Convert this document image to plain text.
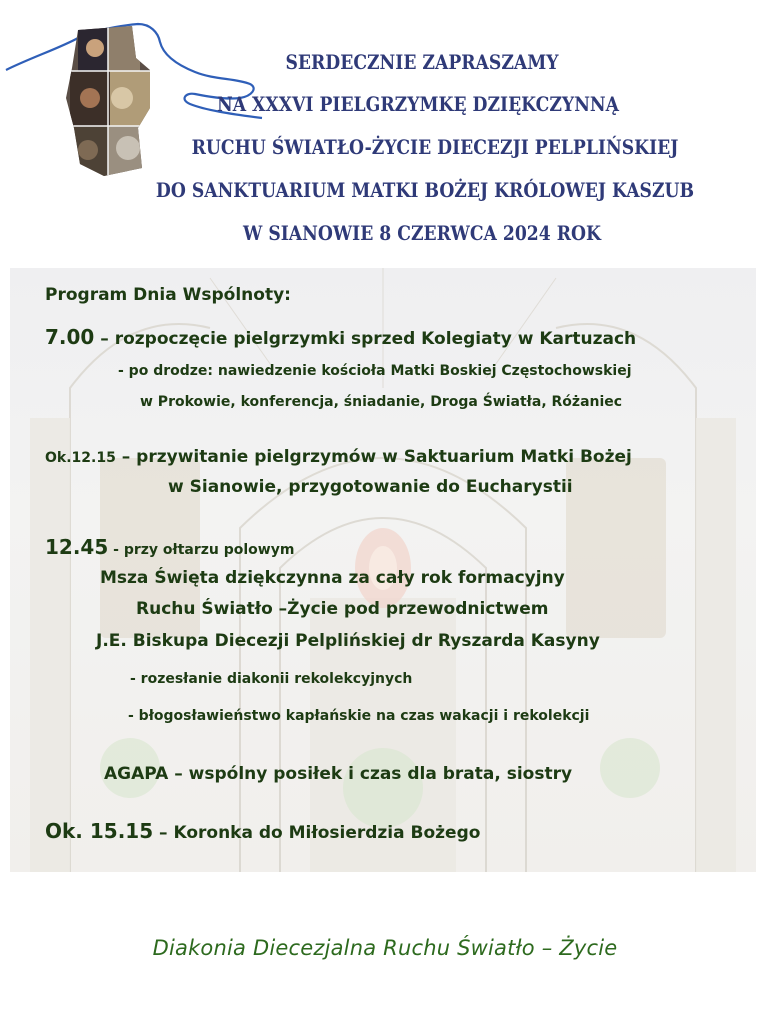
SERDECZNIE ZAPRASZAMY
NA XXXVI PIELGRZYMKĘ DZIĘKCZYNNĄ
RUCHU ŚWIATŁO-ŻYCIE DIECEZJI PELPLIŃSKIEJ
DO SANKTUARIUM MATKI BOŻEJ KRÓLOWEJ KASZUB
W SIANOWIE 8 CZERWCA 2024 ROK
Program Dnia Wspólnoty:
7.00 – rozpoczęcie pielgrzymki sprzed Kolegiaty w Kartuzach
- po drodze: nawiedzenie kościoła Matki Boskiej Częstochowskiej
w Prokowie, konferencja, śniadanie, Droga Światła, Różaniec
Ok.12.15 – przywitanie pielgrzymów w Saktuarium Matki Bożej
w Sianowie, przygotowanie do Eucharystii
12.45 - przy ołtarzu polowym
Msza Święta dziękczynna za cały rok formacyjny
Ruchu Światło –Życie pod przewodnictwem
J.E. Biskupa Diecezji Pelplińskiej dr Ryszarda Kasyny
- rozesłanie diakonii rekolekcyjnych
- błogosławieństwo kapłańskie na czas wakacji i rekolekcji
AGAPA – wspólny posiłek i czas dla brata, siostry
Ok. 15.15 – Koronka do Miłosierdzia Bożego
Diakonia Diecezjalna Ruchu Światło – Życie
